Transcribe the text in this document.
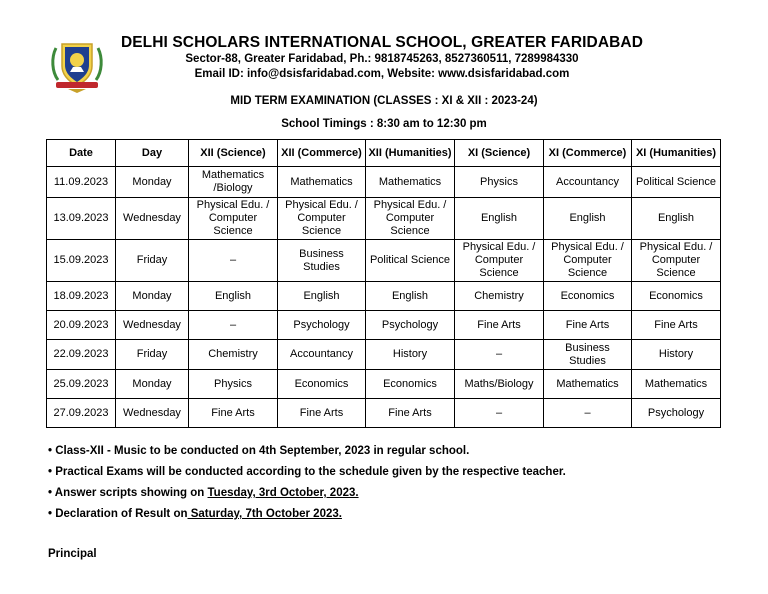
DELHI SCHOLARS INTERNATIONAL SCHOOL, GREATER FARIDABAD
Sector-88, Greater Faridabad, Ph.: 9818745263, 8527360511, 7289984330
Email ID: info@dsisfaridabad.com, Website: www.dsisfaridabad.com
MID TERM EXAMINATION (CLASSES : XI & XII : 2023-24)
School Timings : 8:30 am to 12:30 pm
Date	Day	XII (Science)	XII (Commerce)	XII (Humanities)	XI (Science)	XI (Commerce)	XI (Humanities)
11.09.2023	Monday	Mathematics /Biology	Mathematics	Mathematics	Physics	Accountancy	Political Science
13.09.2023	Wednesday	Physical Edu. / Computer Science	Physical Edu. / Computer Science	Physical Edu. / Computer Science	English	English	English
15.09.2023	Friday	–	Business Studies	Political Science	Physical Edu. / Computer Science	Physical Edu. / Computer Science	Physical Edu. / Computer Science
18.09.2023	Monday	English	English	English	Chemistry	Economics	Economics
20.09.2023	Wednesday	–	Psychology	Psychology	Fine Arts	Fine Arts	Fine Arts
22.09.2023	Friday	Chemistry	Accountancy	History	–	Business Studies	History
25.09.2023	Monday	Physics	Economics	Economics	Maths/Biology	Mathematics	Mathematics
27.09.2023	Wednesday	Fine Arts	Fine Arts	Fine Arts	–	–	Psychology
• Class-XII - Music to be conducted on 4th September, 2023 in regular school.
• Practical Exams will be conducted according to the schedule given by the respective teacher.
• Answer scripts showing on Tuesday, 3rd October, 2023.
• Declaration of Result on Saturday, 7th October 2023.
Principal
